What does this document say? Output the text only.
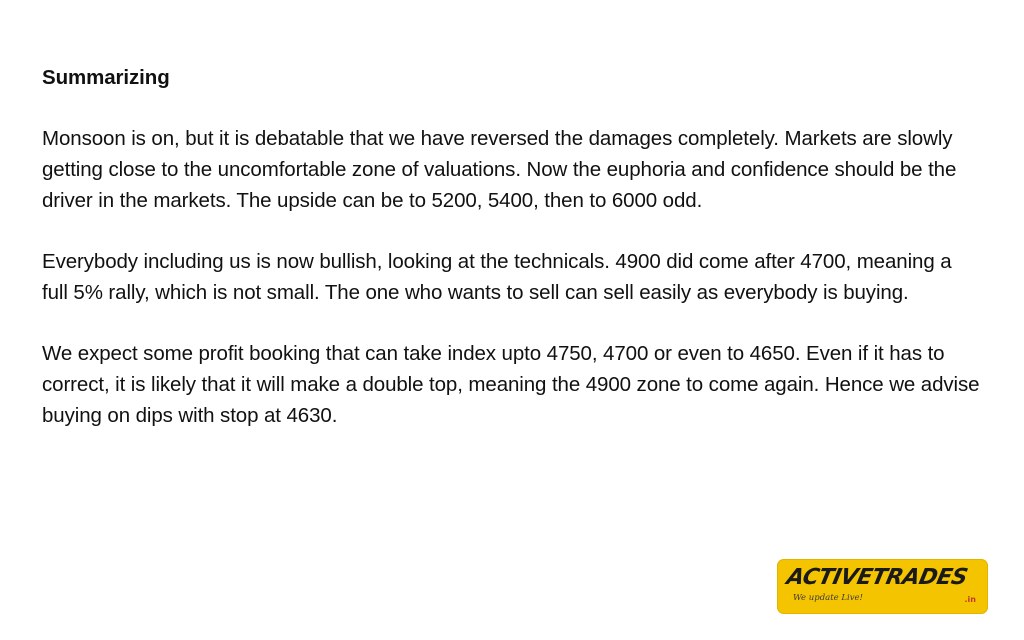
Summarizing

Monsoon is on, but it is debatable that we have reversed the damages completely. Markets are slowly getting close to the uncomfortable zone of valuations. Now the euphoria and confidence should be the driver in the markets. The upside can be to 5200, 5400, then to 6000 odd.

Everybody including us is now bullish, looking at the technicals. 4900 did come after 4700, meaning a full 5% rally, which is not small. The one who wants to sell can sell easily as everybody is buying.

We expect some profit booking that can take index upto 4750, 4700 or even to 4650. Even if it has to correct, it is likely that it will make a double top, meaning the 4900 zone to come again. Hence we advise buying on dips with stop at 4630.

ACTIVETRADES
We update Live!	.in
